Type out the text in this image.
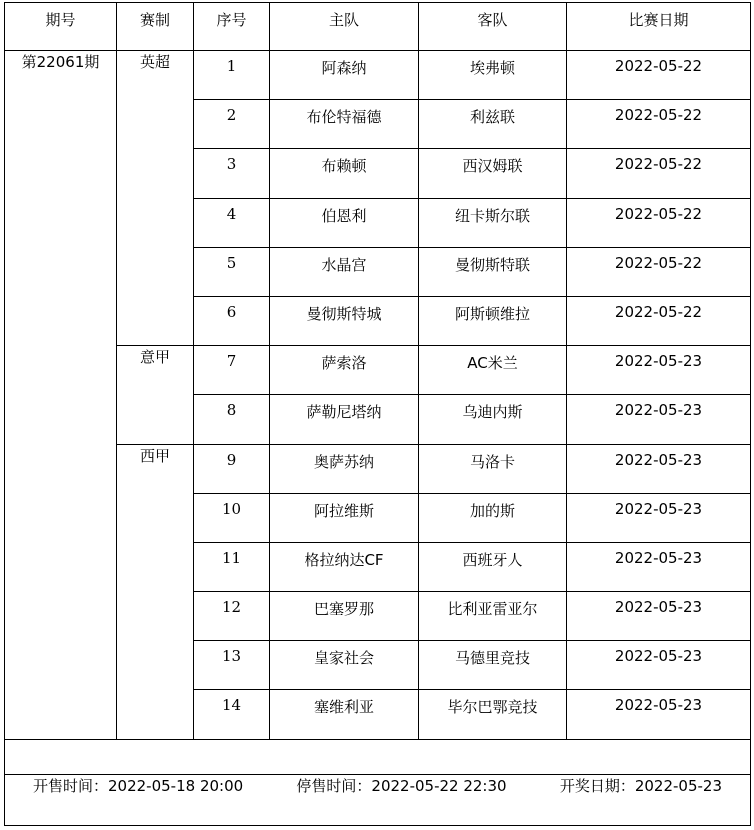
期号	赛制	序号	主队	客队	比赛日期
第22061期	英超	1	阿森纳	埃弗顿	2022-05-22
		2	布伦特福德	利兹联	2022-05-22
		3	布赖顿	西汉姆联	2022-05-22
		4	伯恩利	纽卡斯尔联	2022-05-22
		5	水晶宫	曼彻斯特联	2022-05-22
		6	曼彻斯特城	阿斯顿维拉	2022-05-22
	意甲	7	萨索洛	AC米兰	2022-05-23
		8	萨勒尼塔纳	乌迪内斯	2022-05-23
	西甲	9	奥萨苏纳	马洛卡	2022-05-23
		10	阿拉维斯	加的斯	2022-05-23
		11	格拉纳达CF	西班牙人	2022-05-23
		12	巴塞罗那	比利亚雷亚尔	2022-05-23
		13	皇家社会	马德里竞技	2022-05-23
		14	塞维利亚	毕尔巴鄂竞技	2022-05-23

开售时间：2022-05-18 20:00 停售时间：2022-05-22 22:30 开奖日期：2022-05-23					
